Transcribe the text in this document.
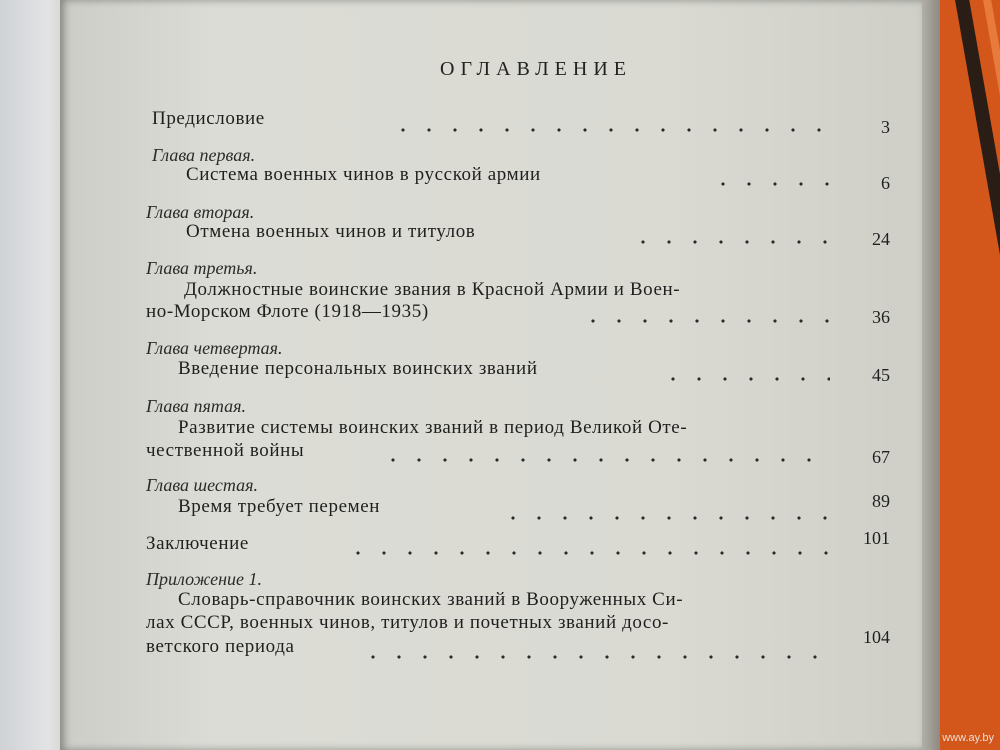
ОГЛАВЛЕНИЕ
Предисловие	3
Глава первая.
Система военных чинов в русской армии	6
Глава вторая.
Отмена военных чинов и титулов	24
Глава третья.
Должностные воинские звания в Красной Армии и Воен-
но-Морском Флоте (1918—1935)	36
Глава четвертая.
Введение персональных воинских званий	45
Глава пятая.
Развитие системы воинских званий в период Великой Оте-
чественной войны	67
Глава шестая.
Время требует перемен	89
Заключение	101
Приложение 1.
Словарь-справочник воинских званий в Вооруженных Си-
лах СССР, военных чинов, титулов и почетных званий досо-
ветского периода	104
www.ay.by
